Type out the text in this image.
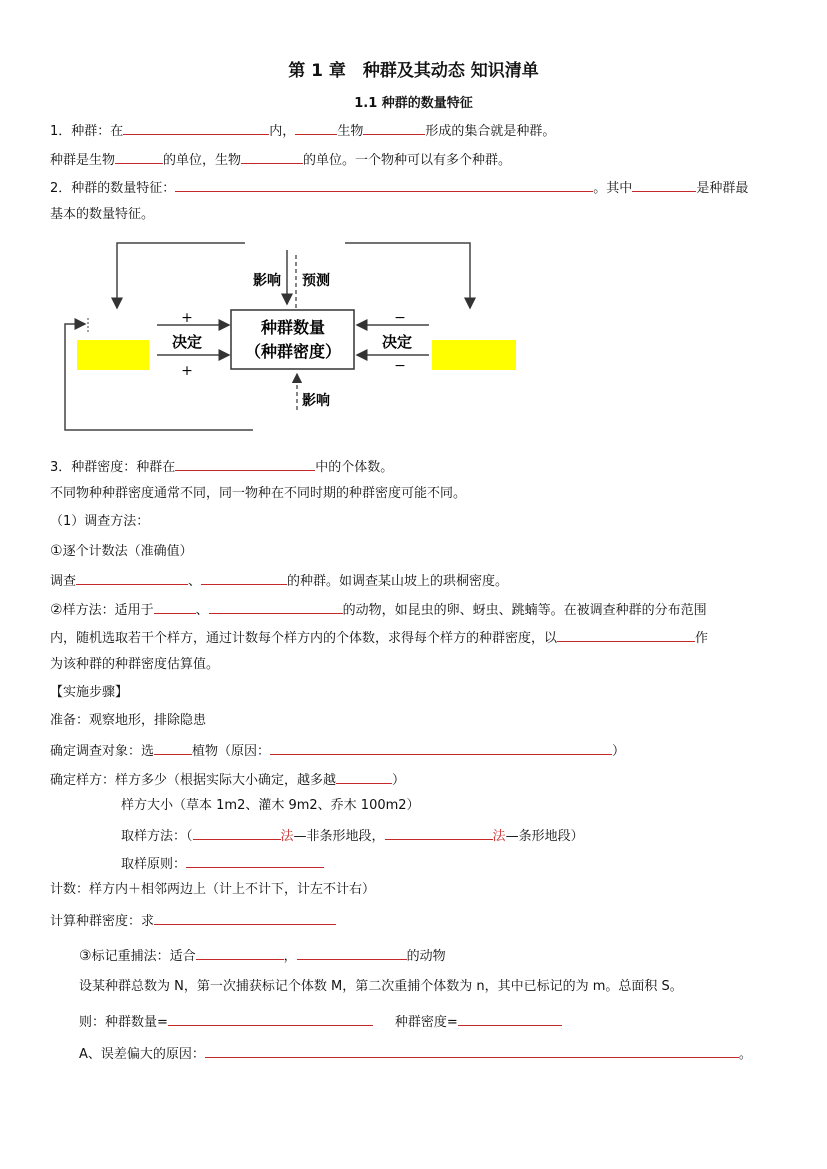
第 1 章　种群及其动态 知识清单
1.1 种群的数量特征
1．种群：在	内，	生物	形成的集合就是种群。
种群是生物	的单位，生物	的单位。一个物种可以有多个种群。
2．种群的数量特征：	。其中	是种群最
基本的数量特征。
影响 预测
种群数量
（种群密度）
+
+
决定
−
−
决定
影响
3．种群密度：种群在	中的个体数。
不同物种种群密度通常不同，同一物种在不同时期的种群密度可能不同。
（1）调查方法：
①逐个计数法（准确值）
调查	、	的种群。如调查某山坡上的珙桐密度。
②样方法：适用于	、	的动物，如昆虫的卵、蚜虫、跳蝻等。在被调查种群的分布范围
内，随机选取若干个样方，通过计数每个样方内的个体数，求得每个样方的种群密度，以	作
为该种群的种群密度估算值。
【实施步骤】
准备：观察地形，排除隐患
确定调查对象：选	植物（原因：	）
确定样方：样方多少（根据实际大小确定，越多越	）
样方大小（草本 1m2、灌木 9m2、乔木 100m2）
取样方法：（	法—非条形地段，	法—条形地段）
取样原则：
计数：样方内＋相邻两边上（计上不计下，计左不计右）
计算种群密度：求
③标记重捕法：适合	，	的动物
设某种群总数为 N，第一次捕获标记个体数 M，第二次重捕个体数为 n，其中已标记的为 m。总面积 S。
则：种群数量=	种群密度=
A、误差偏大的原因：	。
